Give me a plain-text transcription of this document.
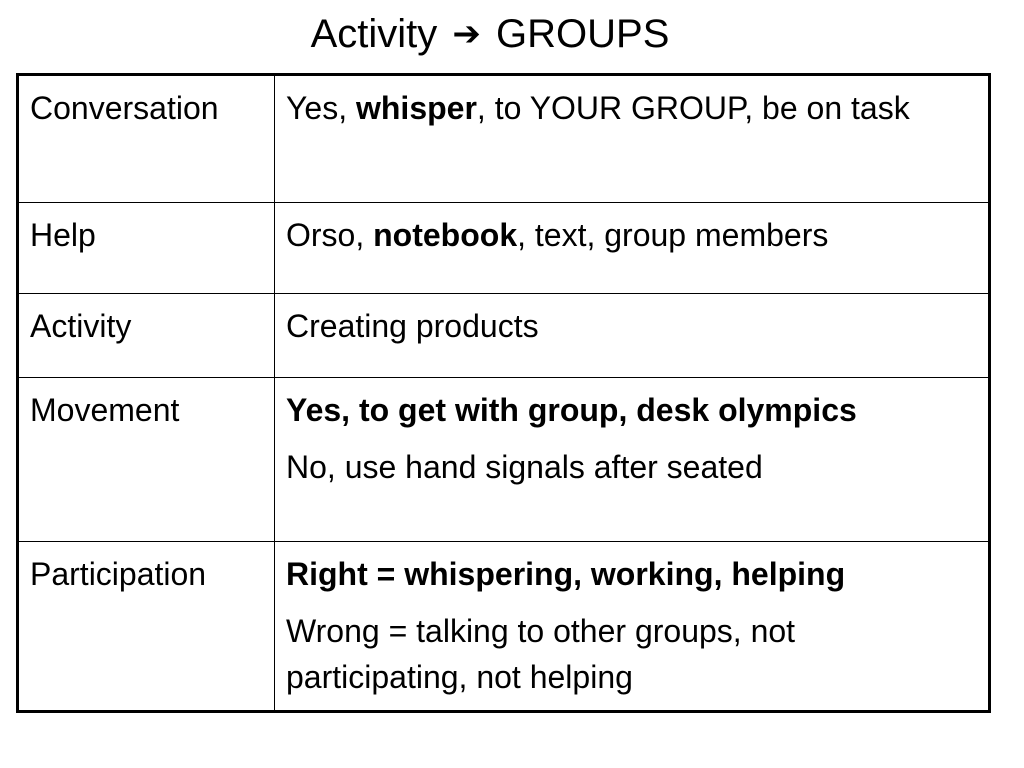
Activity ➔ GROUPS
Conversation	Yes, whisper, to YOUR GROUP, be on task

Help	Orso, notebook, text, group members

Activity	Creating products

Movement	Yes, to get with group, desk olympics

No, use hand signals after seated

Participation	Right = whispering, working, helping

Wrong = talking to other groups, not participating, not helping
